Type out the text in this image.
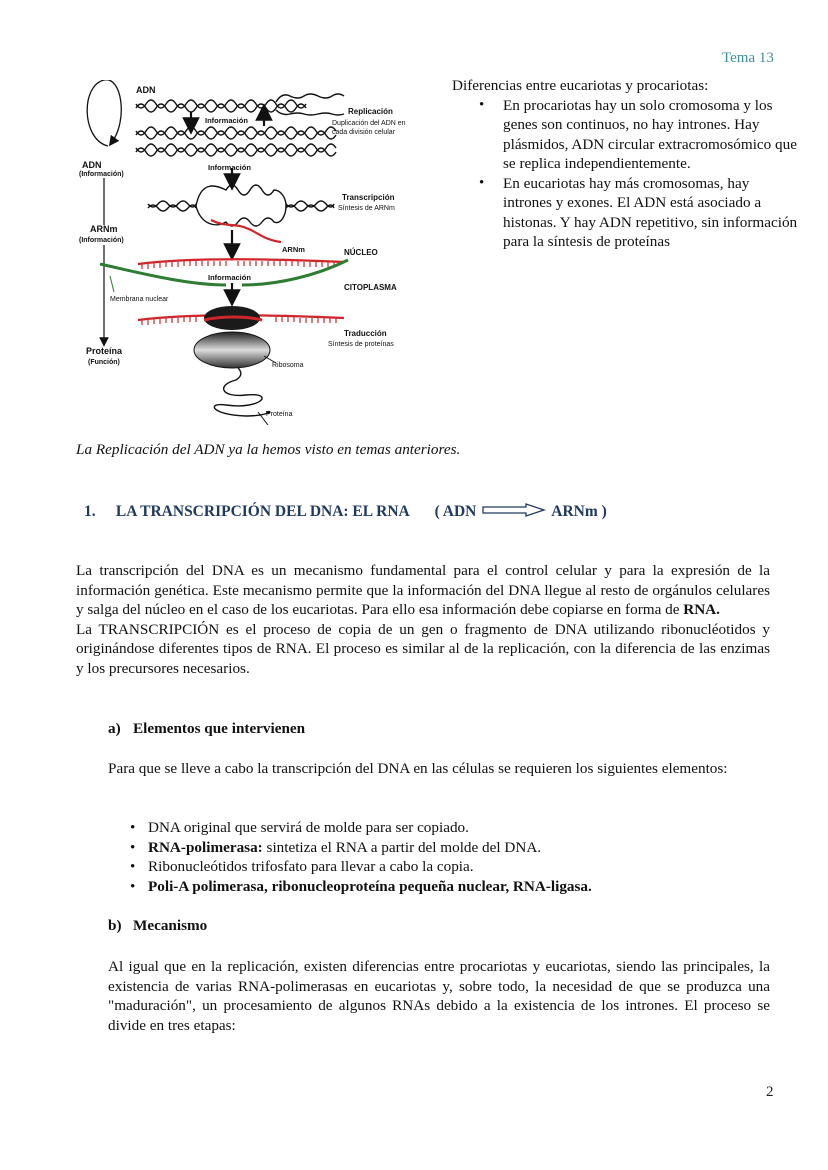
Tema 13
ADN
(Información)
ARNm
(Información)
Proteína
(Función)
ADN
Información
Información
Información
ARNm
Membrana nuclear
Ribosoma
Proteína
Replicación
Duplicación del ADN en
cada división celular
Transcripción
Síntesis de ARNm
NÚCLEO
CITOPLASMA
Traducción
Síntesis de proteínas

Diferencias entre eucariotas y procariotas:

• En procariotas hay un solo cromosoma y los genes son continuos, no hay intrones. Hay plásmidos, ADN circular extracromosómico que se replica independientemente.
• En eucariotas hay más cromosomas, hay intrones y exones. El ADN está asociado a histonas. Y hay ADN repetitivo, sin información para la síntesis de proteínas
La Replicación del ADN ya la hemos visto en temas anteriores.
1. LA TRANSCRIPCIÓN DEL DNA: EL RNA ( ADN	ARNm )

La transcripción del DNA es un mecanismo fundamental para el control celular y para la expresión de la información genética. Este mecanismo permite que la información del DNA llegue al resto de orgánulos celulares y salga del núcleo en el caso de los eucariotas. Para ello esa información debe copiarse en forma de RNA.

La TRANSCRIPCIÓN es el proceso de copia de un gen o fragmento de DNA utilizando ribonucléotidos y originándose diferentes tipos de RNA. El proceso es similar al de la replicación, con la diferencia de las enzimas y los precursores necesarios.

a) Elementos que intervienen

Para que se lleve a cabo la transcripción del DNA en las células se requieren los siguientes elementos:

• DNA original que servirá de molde para ser copiado.
• RNA-polimerasa: sintetiza el RNA a partir del molde del DNA.
• Ribonucleótidos trifosfato para llevar a cabo la copia.
• Poli-A polimerasa, ribonucleoproteína pequeña nuclear, RNA-ligasa.
b) Mecanismo

Al igual que en la replicación, existen diferencias entre procariotas y eucariotas, siendo las principales, la existencia de varias RNA-polimerasas en eucariotas y, sobre todo, la necesidad de que se produzca una "maduración", un procesamiento de algunos RNAs debido a la existencia de los intrones. El proceso se divide en tres etapas:

2
